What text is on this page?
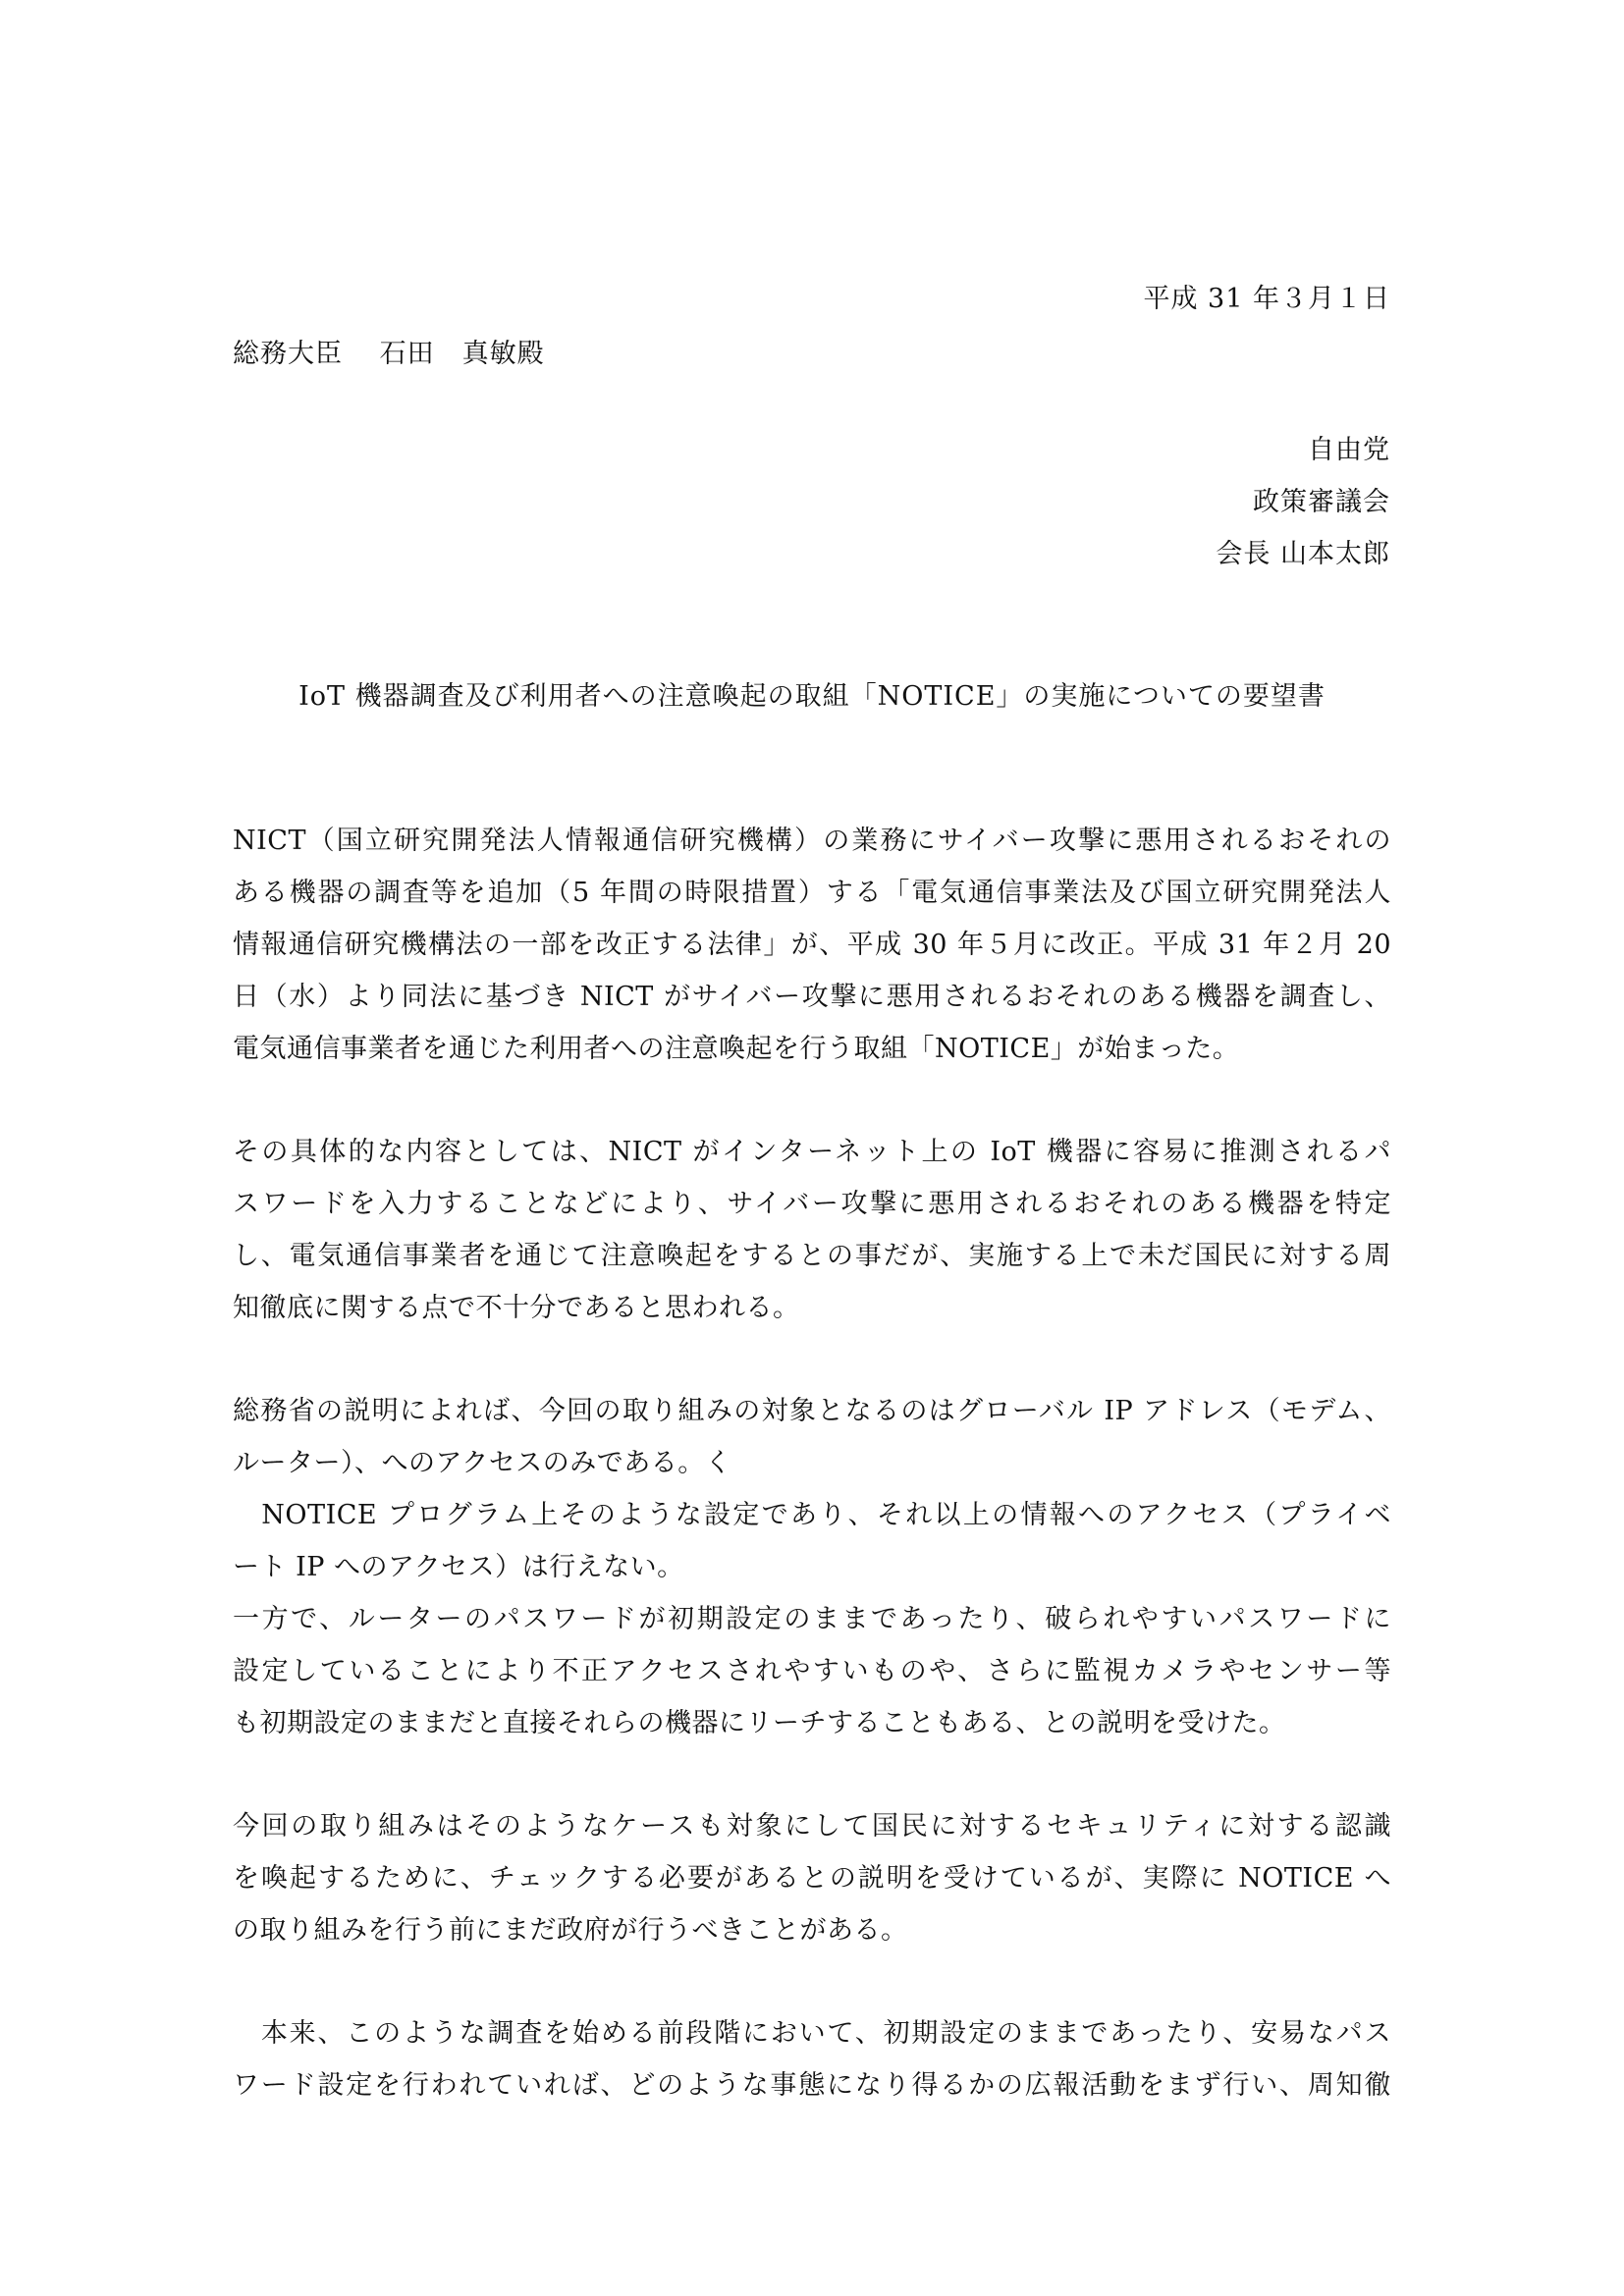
平成 31 年３月１日
総務大臣　 石田　真敏殿
自由党
政策審議会
会長 山本太郎
IoT 機器調査及び利用者への注意喚起の取組「NOTICE」の実施についての要望書
NICT（国立研究開発法人情報通信研究機構）の業務にサイバー攻撃に悪用されるおそれの
ある機器の調査等を追加（5 年間の時限措置）する「電気通信事業法及び国立研究開発法人
情報通信研究機構法の一部を改正する法律」が、平成 30 年５月に改正。平成 31 年２月 20
日（水）より同法に基づき NICT がサイバー攻撃に悪用されるおそれのある機器を調査し、
電気通信事業者を通じた利用者への注意喚起を行う取組「NOTICE」が始まった。
その具体的な内容としては、NICT がインターネット上の IoT 機器に容易に推測されるパ
スワードを入力することなどにより、サイバー攻撃に悪用されるおそれのある機器を特定
し、電気通信事業者を通じて注意喚起をするとの事だが、実施する上で未だ国民に対する周
知徹底に関する点で不十分であると思われる。
総務省の説明によれば、今回の取り組みの対象となるのはグローバル IP アドレス（モデム、
ルーター）、へのアクセスのみである。く
　NOTICE プログラム上そのような設定であり、それ以上の情報へのアクセス（プライベ
ート IP へのアクセス）は行えない。
一方で、ルーターのパスワードが初期設定のままであったり、破られやすいパスワードに
設定していることにより不正アクセスされやすいものや、さらに監視カメラやセンサー等
も初期設定のままだと直接それらの機器にリーチすることもある、との説明を受けた。
今回の取り組みはそのようなケースも対象にして国民に対するセキュリティに対する認識
を喚起するために、チェックする必要があるとの説明を受けているが、実際に NOTICE へ
の取り組みを行う前にまだ政府が行うべきことがある。
　本来、このような調査を始める前段階において、初期設定のままであったり、安易なパス
ワード設定を行われていれば、どのような事態になり得るかの広報活動をまず行い、周知徹
